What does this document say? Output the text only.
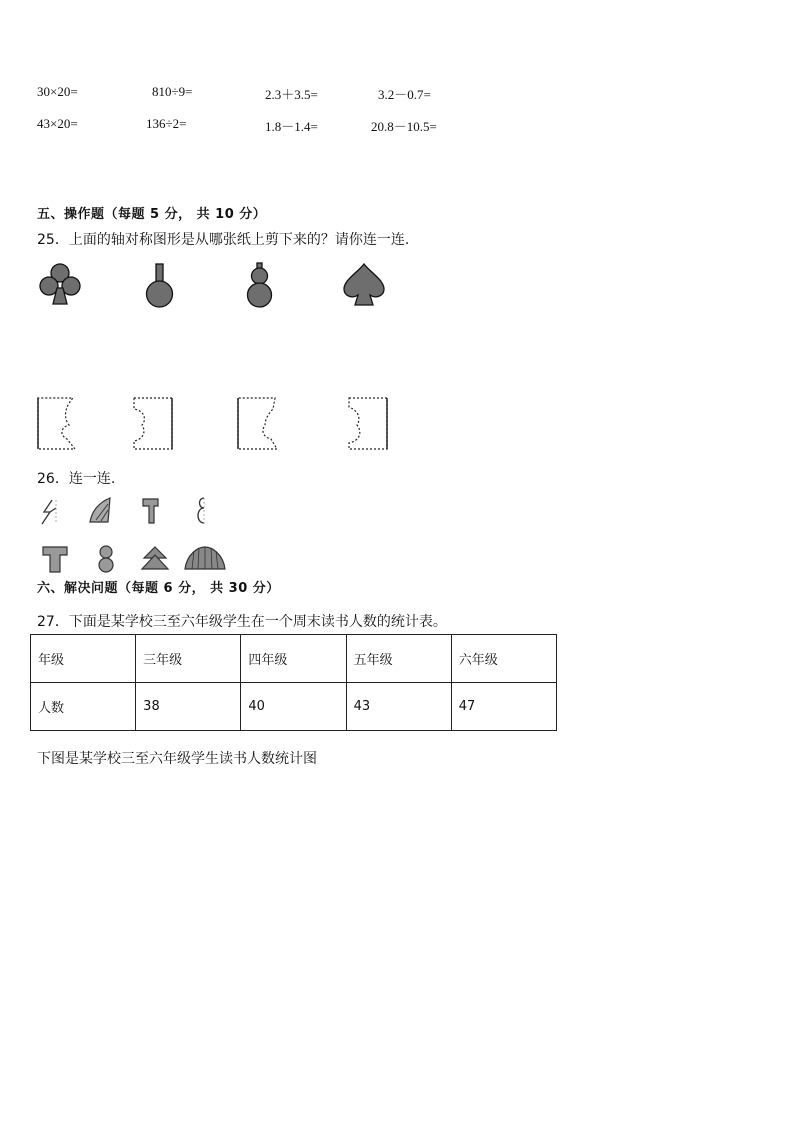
30×20=	810÷9=	2.3＋3.5=	3.2－0.7=
43×20=	136÷2=	1.8－1.4=	20.8－10.5=
五、操作题（每题 5 分， 共 10 分）
25．上面的轴对称图形是从哪张纸上剪下来的？请你连一连.
26．连一连.
六、解决问题（每题 6 分， 共 30 分）
27．下面是某学校三至六年级学生在一个周末读书人数的统计表。
年级	三年级	四年级	五年级	六年级
人数	38	40	43	47
下图是某学校三至六年级学生读书人数统计图
